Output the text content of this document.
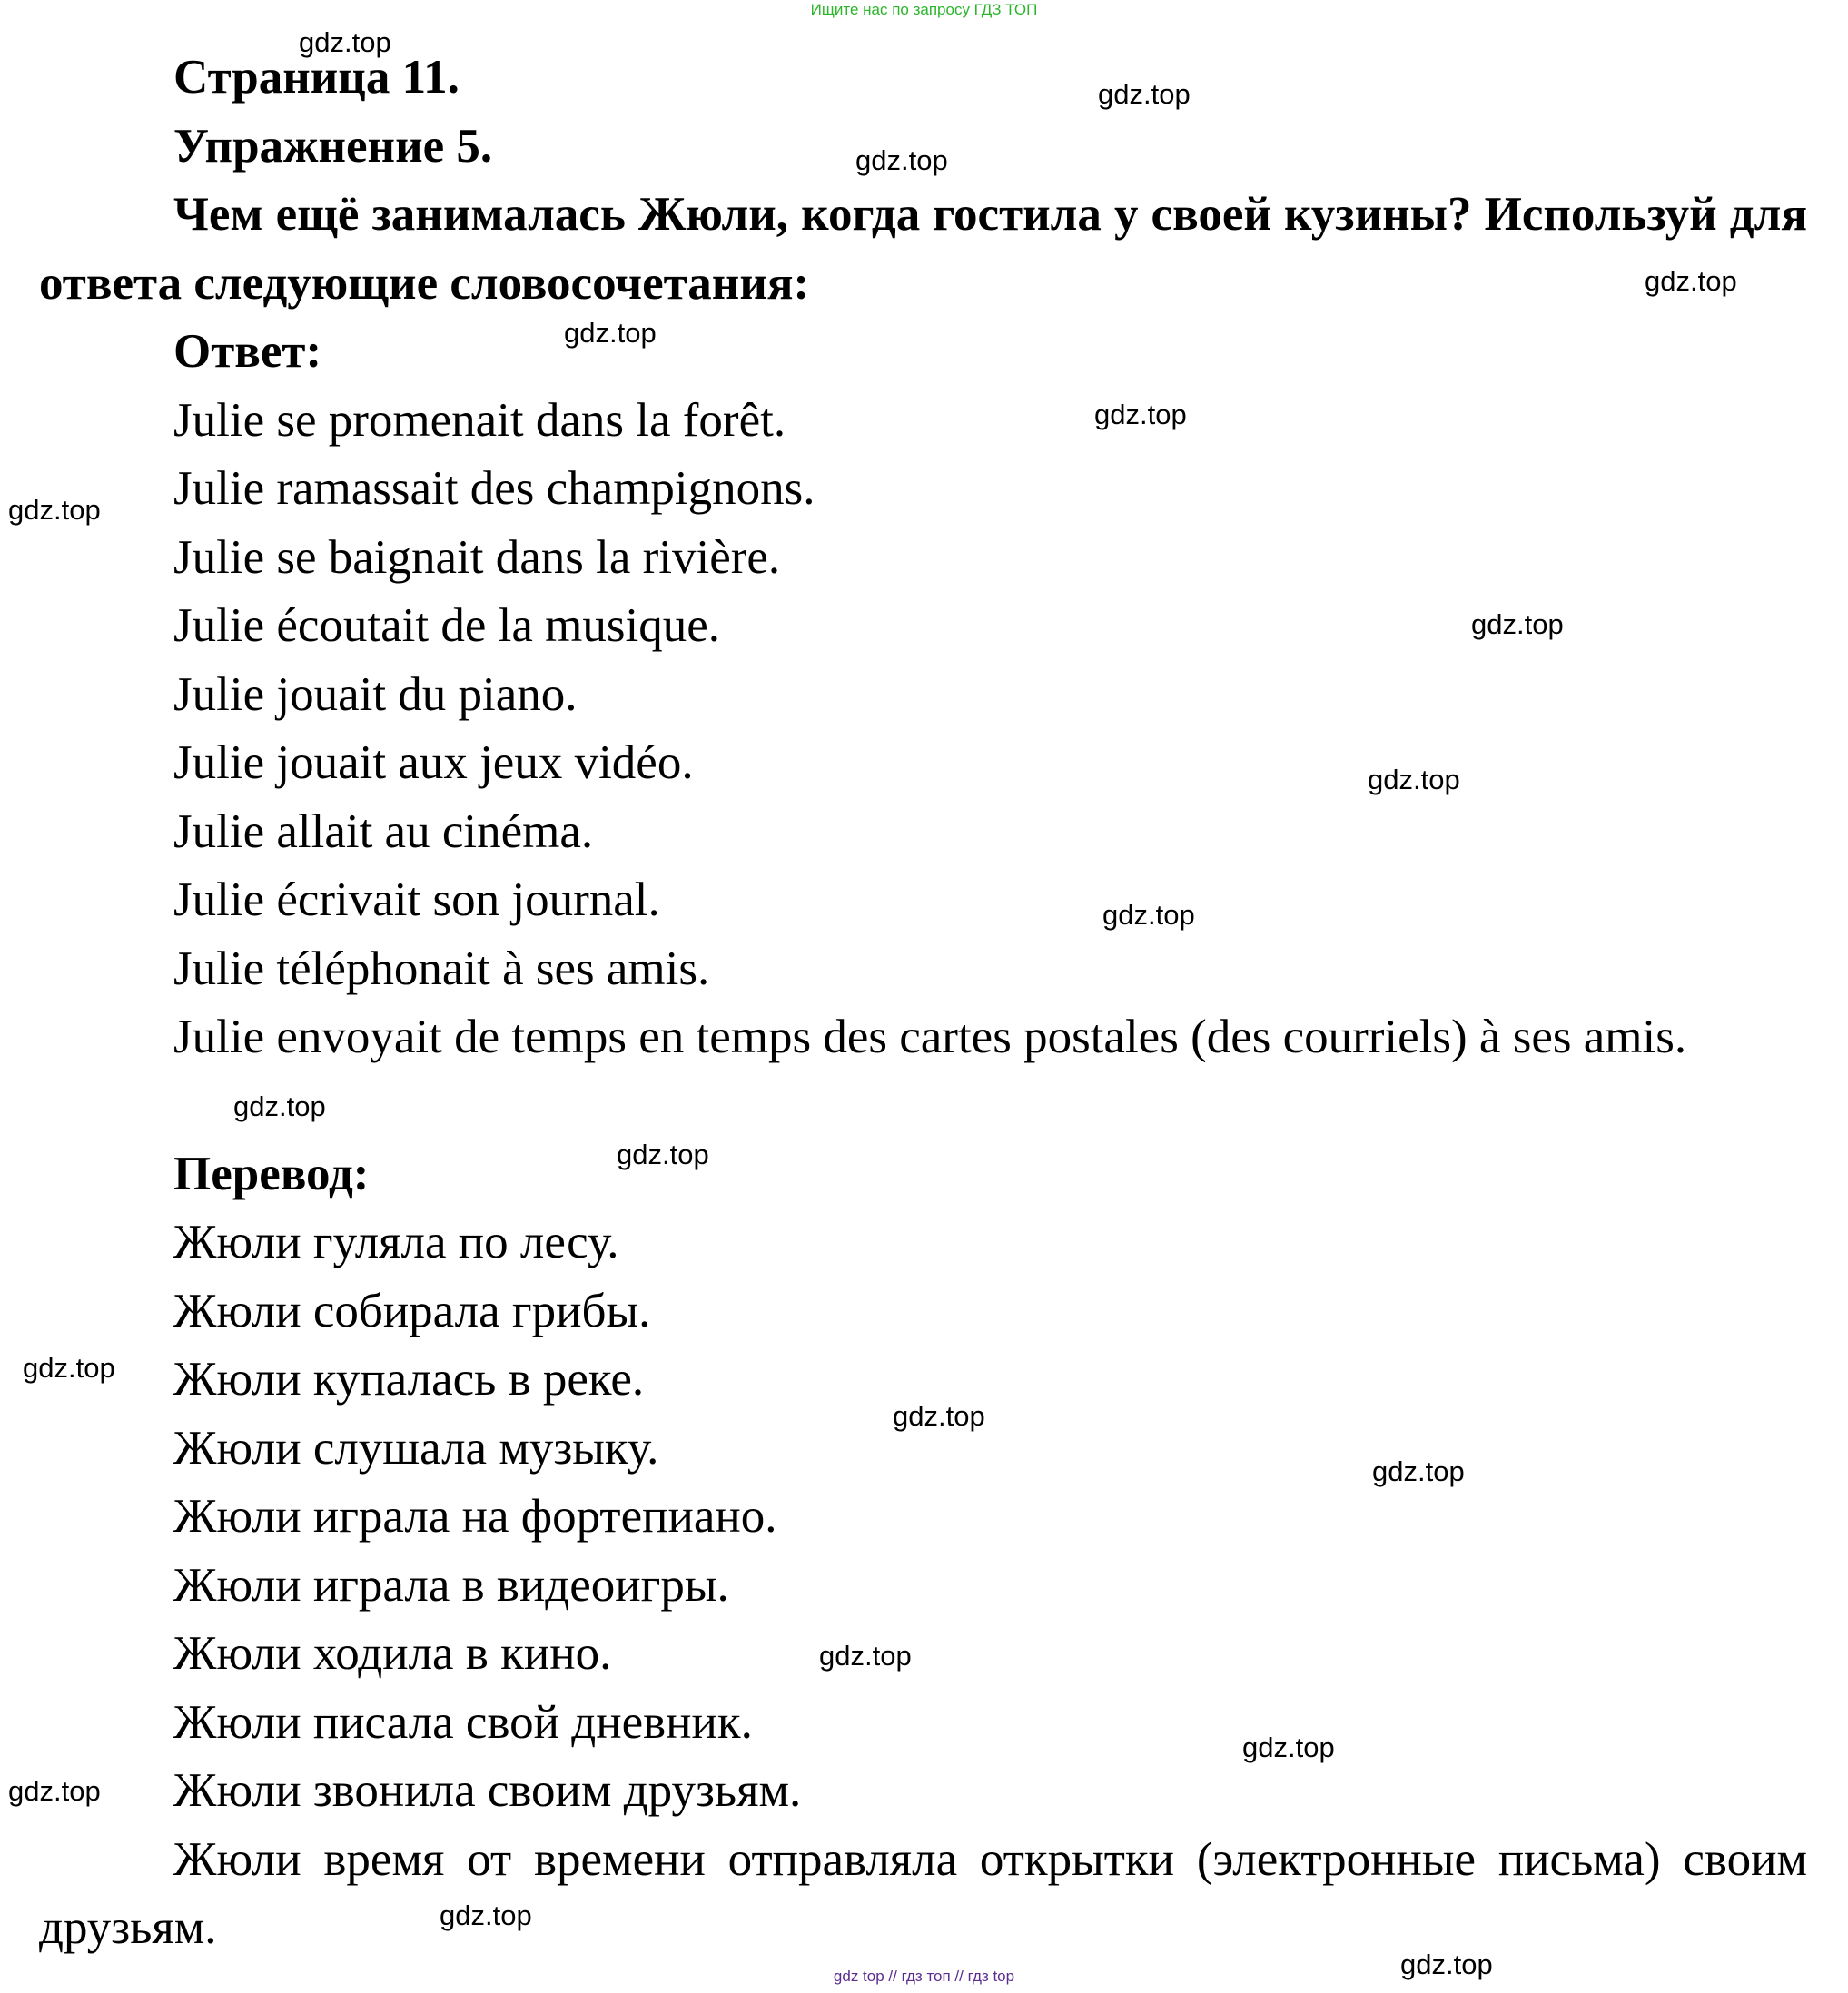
Ищите нас по запросу ГДЗ ТОП

Страница 11.

Упражнение 5.

Чем ещё занималась Жюли, когда гостила у своей кузины? Используй для ответа следующие словосочетания:

Ответ:

Julie se promenait dans la forêt.

Julie ramassait des champignons.

Julie se baignait dans la rivière.

Julie écoutait de la musique.

Julie jouait du piano.

Julie jouait aux jeux vidéo.

Julie allait au cinéma.

Julie écrivait son journal.

Julie téléphonait à ses amis.

Julie envoyait de temps en temps des cartes postales (des courriels) à ses amis.

Перевод:

Жюли гуляла по лесу.

Жюли собирала грибы.

Жюли купалась в реке.

Жюли слушала музыку.

Жюли играла на фортепиано.

Жюли играла в видеоигры.

Жюли ходила в кино.

Жюли писала свой дневник.

Жюли звонила своим друзьям.

Жюли время от времени отправляла открытки (электронные письма) своим друзьям.

gdz.top
gdz.top
gdz.top
gdz.top
gdz.top
gdz.top
gdz.top
gdz.top
gdz.top
gdz.top
gdz.top
gdz.top
gdz.top
gdz.top
gdz.top
gdz.top
gdz.top
gdz.top
gdz.top
gdz.top
gdz top // гдз топ // гдз top
